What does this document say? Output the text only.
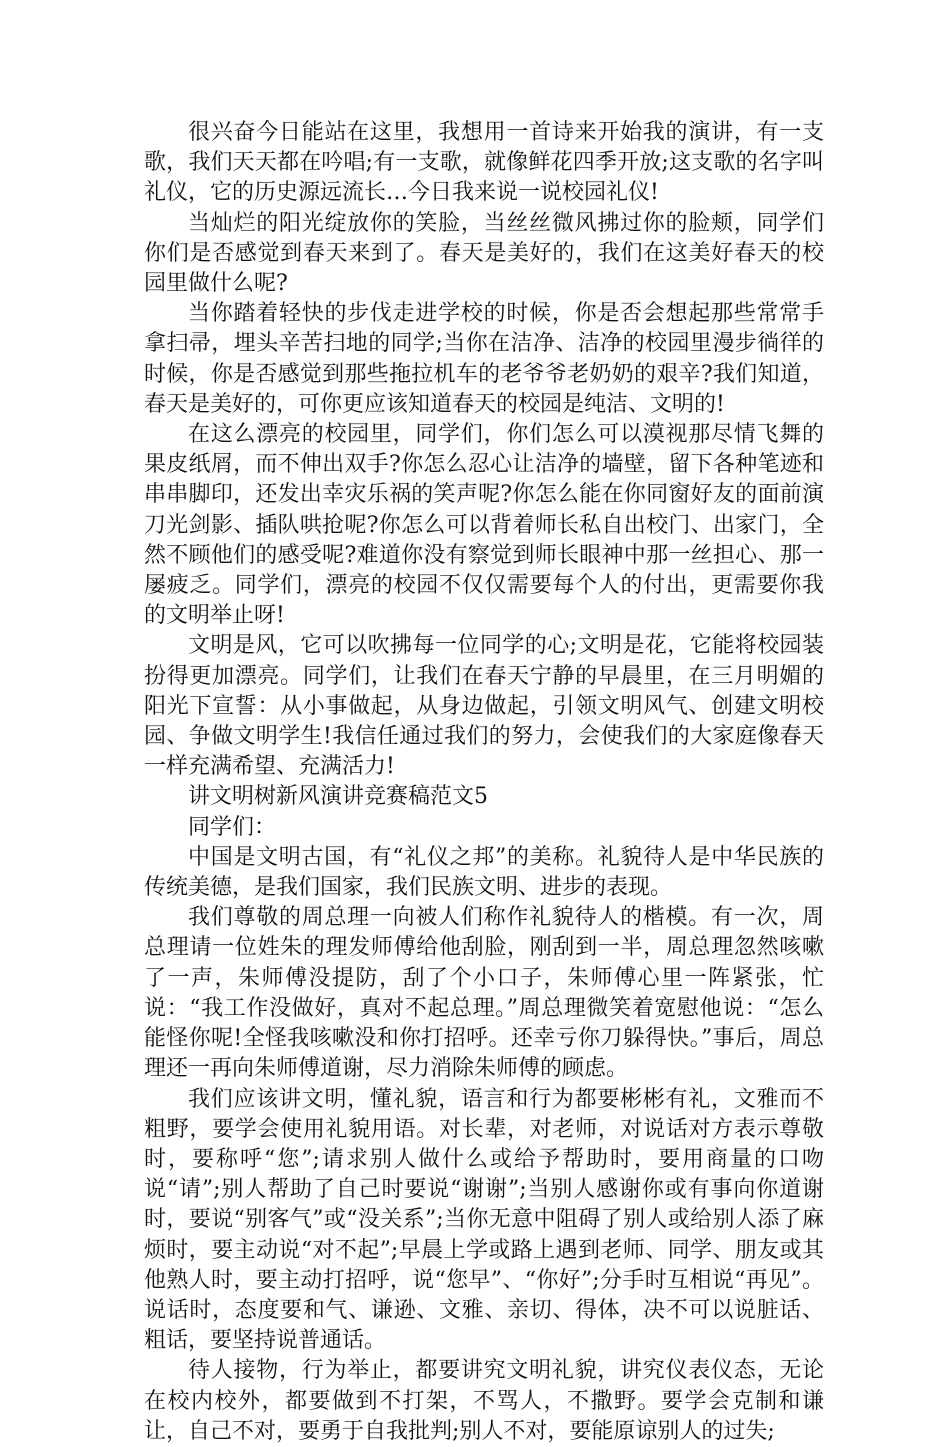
很兴奋今日能站在这里，我想用一首诗来开始我的演讲，有一支歌，我们天天都在吟唱;有一支歌，就像鲜花四季开放;这支歌的名字叫礼仪，它的历史源远流长…今日我来说一说校园礼仪!

当灿烂的阳光绽放你的笑脸，当丝丝微风拂过你的脸颊，同学们你们是否感觉到春天来到了。春天是美好的，我们在这美好春天的校园里做什么呢?

当你踏着轻快的步伐走进学校的时候，你是否会想起那些常常手拿扫帚，埋头辛苦扫地的同学;当你在洁净、洁净的校园里漫步徜徉的时候，你是否感觉到那些拖拉机车的老爷爷老奶奶的艰辛?我们知道，春天是美好的，可你更应该知道春天的校园是纯洁、文明的!

在这么漂亮的校园里，同学们，你们怎么可以漠视那尽情飞舞的果皮纸屑，而不伸出双手?你怎么忍心让洁净的墙壁，留下各种笔迹和串串脚印，还发出幸灾乐祸的笑声呢?你怎么能在你同窗好友的面前演刀光剑影、插队哄抢呢?你怎么可以背着师长私自出校门、出家门，全然不顾他们的感受呢?难道你没有察觉到师长眼神中那一丝担心、那一屡疲乏。同学们，漂亮的校园不仅仅需要每个人的付出，更需要你我的文明举止呀!

文明是风，它可以吹拂每一位同学的心;文明是花，它能将校园装扮得更加漂亮。同学们，让我们在春天宁静的早晨里，在三月明媚的阳光下宣誓：从小事做起，从身边做起，引领文明风气、创建文明校园、争做文明学生!我信任通过我们的努力，会使我们的大家庭像春天一样充满希望、充满活力!

讲文明树新风演讲竞赛稿范文5

同学们：

中国是文明古国，有“礼仪之邦”的美称。礼貌待人是中华民族的传统美德，是我们国家，我们民族文明、进步的表现。

我们尊敬的周总理一向被人们称作礼貌待人的楷模。有一次，周总理请一位姓朱的理发师傅给他刮脸，刚刮到一半，周总理忽然咳嗽了一声，朱师傅没提防，刮了个小口子，朱师傅心里一阵紧张，忙说：“我工作没做好，真对不起总理。”周总理微笑着宽慰他说：“怎么能怪你呢!全怪我咳嗽没和你打招呼。还幸亏你刀躲得快。”事后，周总理还一再向朱师傅道谢，尽力消除朱师傅的顾虑。

我们应该讲文明，懂礼貌，语言和行为都要彬彬有礼，文雅而不粗野，要学会使用礼貌用语。对长辈，对老师，对说话对方表示尊敬时，要称呼“您”;请求别人做什么或给予帮助时，要用商量的口吻说“请”;别人帮助了自己时要说“谢谢”;当别人感谢你或有事向你道谢时，要说“别客气”或“没关系”;当你无意中阻碍了别人或给别人添了麻烦时，要主动说“对不起”;早晨上学或路上遇到老师、同学、朋友或其他熟人时，要主动打招呼，说“您早”、“你好”;分手时互相说“再见”。说话时，态度要和气、谦逊、文雅、亲切、得体，决不可以说脏话、粗话，要坚持说普通话。

待人接物，行为举止，都要讲究文明礼貌，讲究仪表仪态，无论在校内校外，都要做到不打架，不骂人，不撒野。要学会克制和谦让，自己不对，要勇于自我批判;别人不对，要能原谅别人的过失;
